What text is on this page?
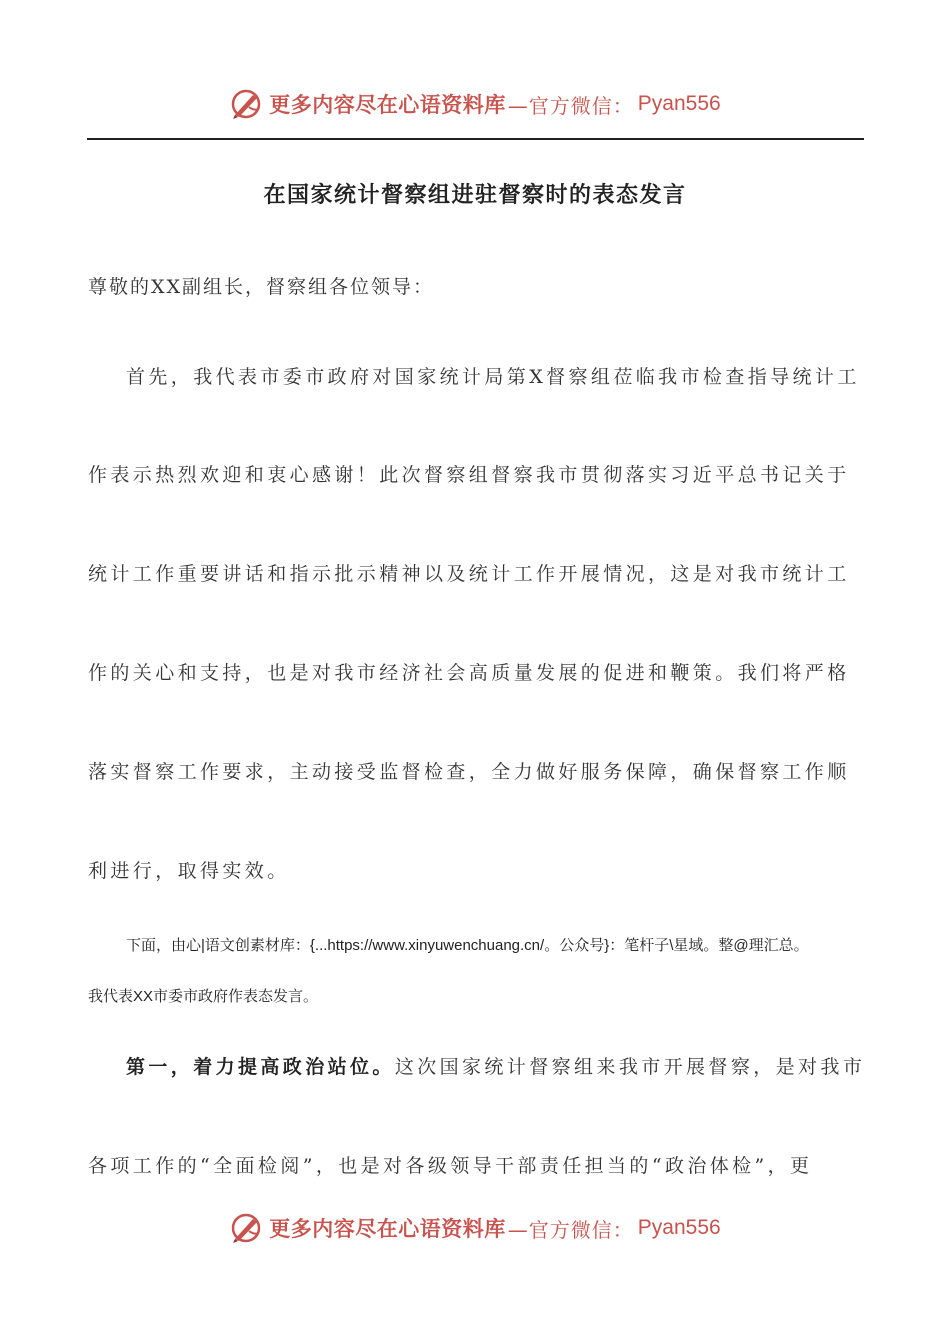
更多内容尽在心语资料库 —官方微信： Pyan556
在国家统计督察组进驻督察时的表态发言
尊敬的XX副组长，督察组各位领导：
首先，我代表市委市政府对国家统计局第X督察组莅临我市检查指导统计工
作表示热烈欢迎和衷心感谢！此次督察组督察我市贯彻落实习近平总书记关于
统计工作重要讲话和指示批示精神以及统计工作开展情况，这是对我市统计工
作的关心和支持，也是对我市经济社会高质量发展的促进和鞭策。我们将严格
落实督察工作要求，主动接受监督检查，全力做好服务保障，确保督察工作顺
利进行，取得实效。
下面，由心|语文创素材库：{...https://www.xinyuwenchuang.cn/。公众号}：笔杆子\星域。整@理汇总。
我代表XX市委市政府作表态发言。
第一，着力提高政治站位。这次国家统计督察组来我市开展督察，是对我市
各项工作的“全面检阅”，也是对各级领导干部责任担当的“政治体检”，更
更多内容尽在心语资料库 —官方微信： Pyan556
